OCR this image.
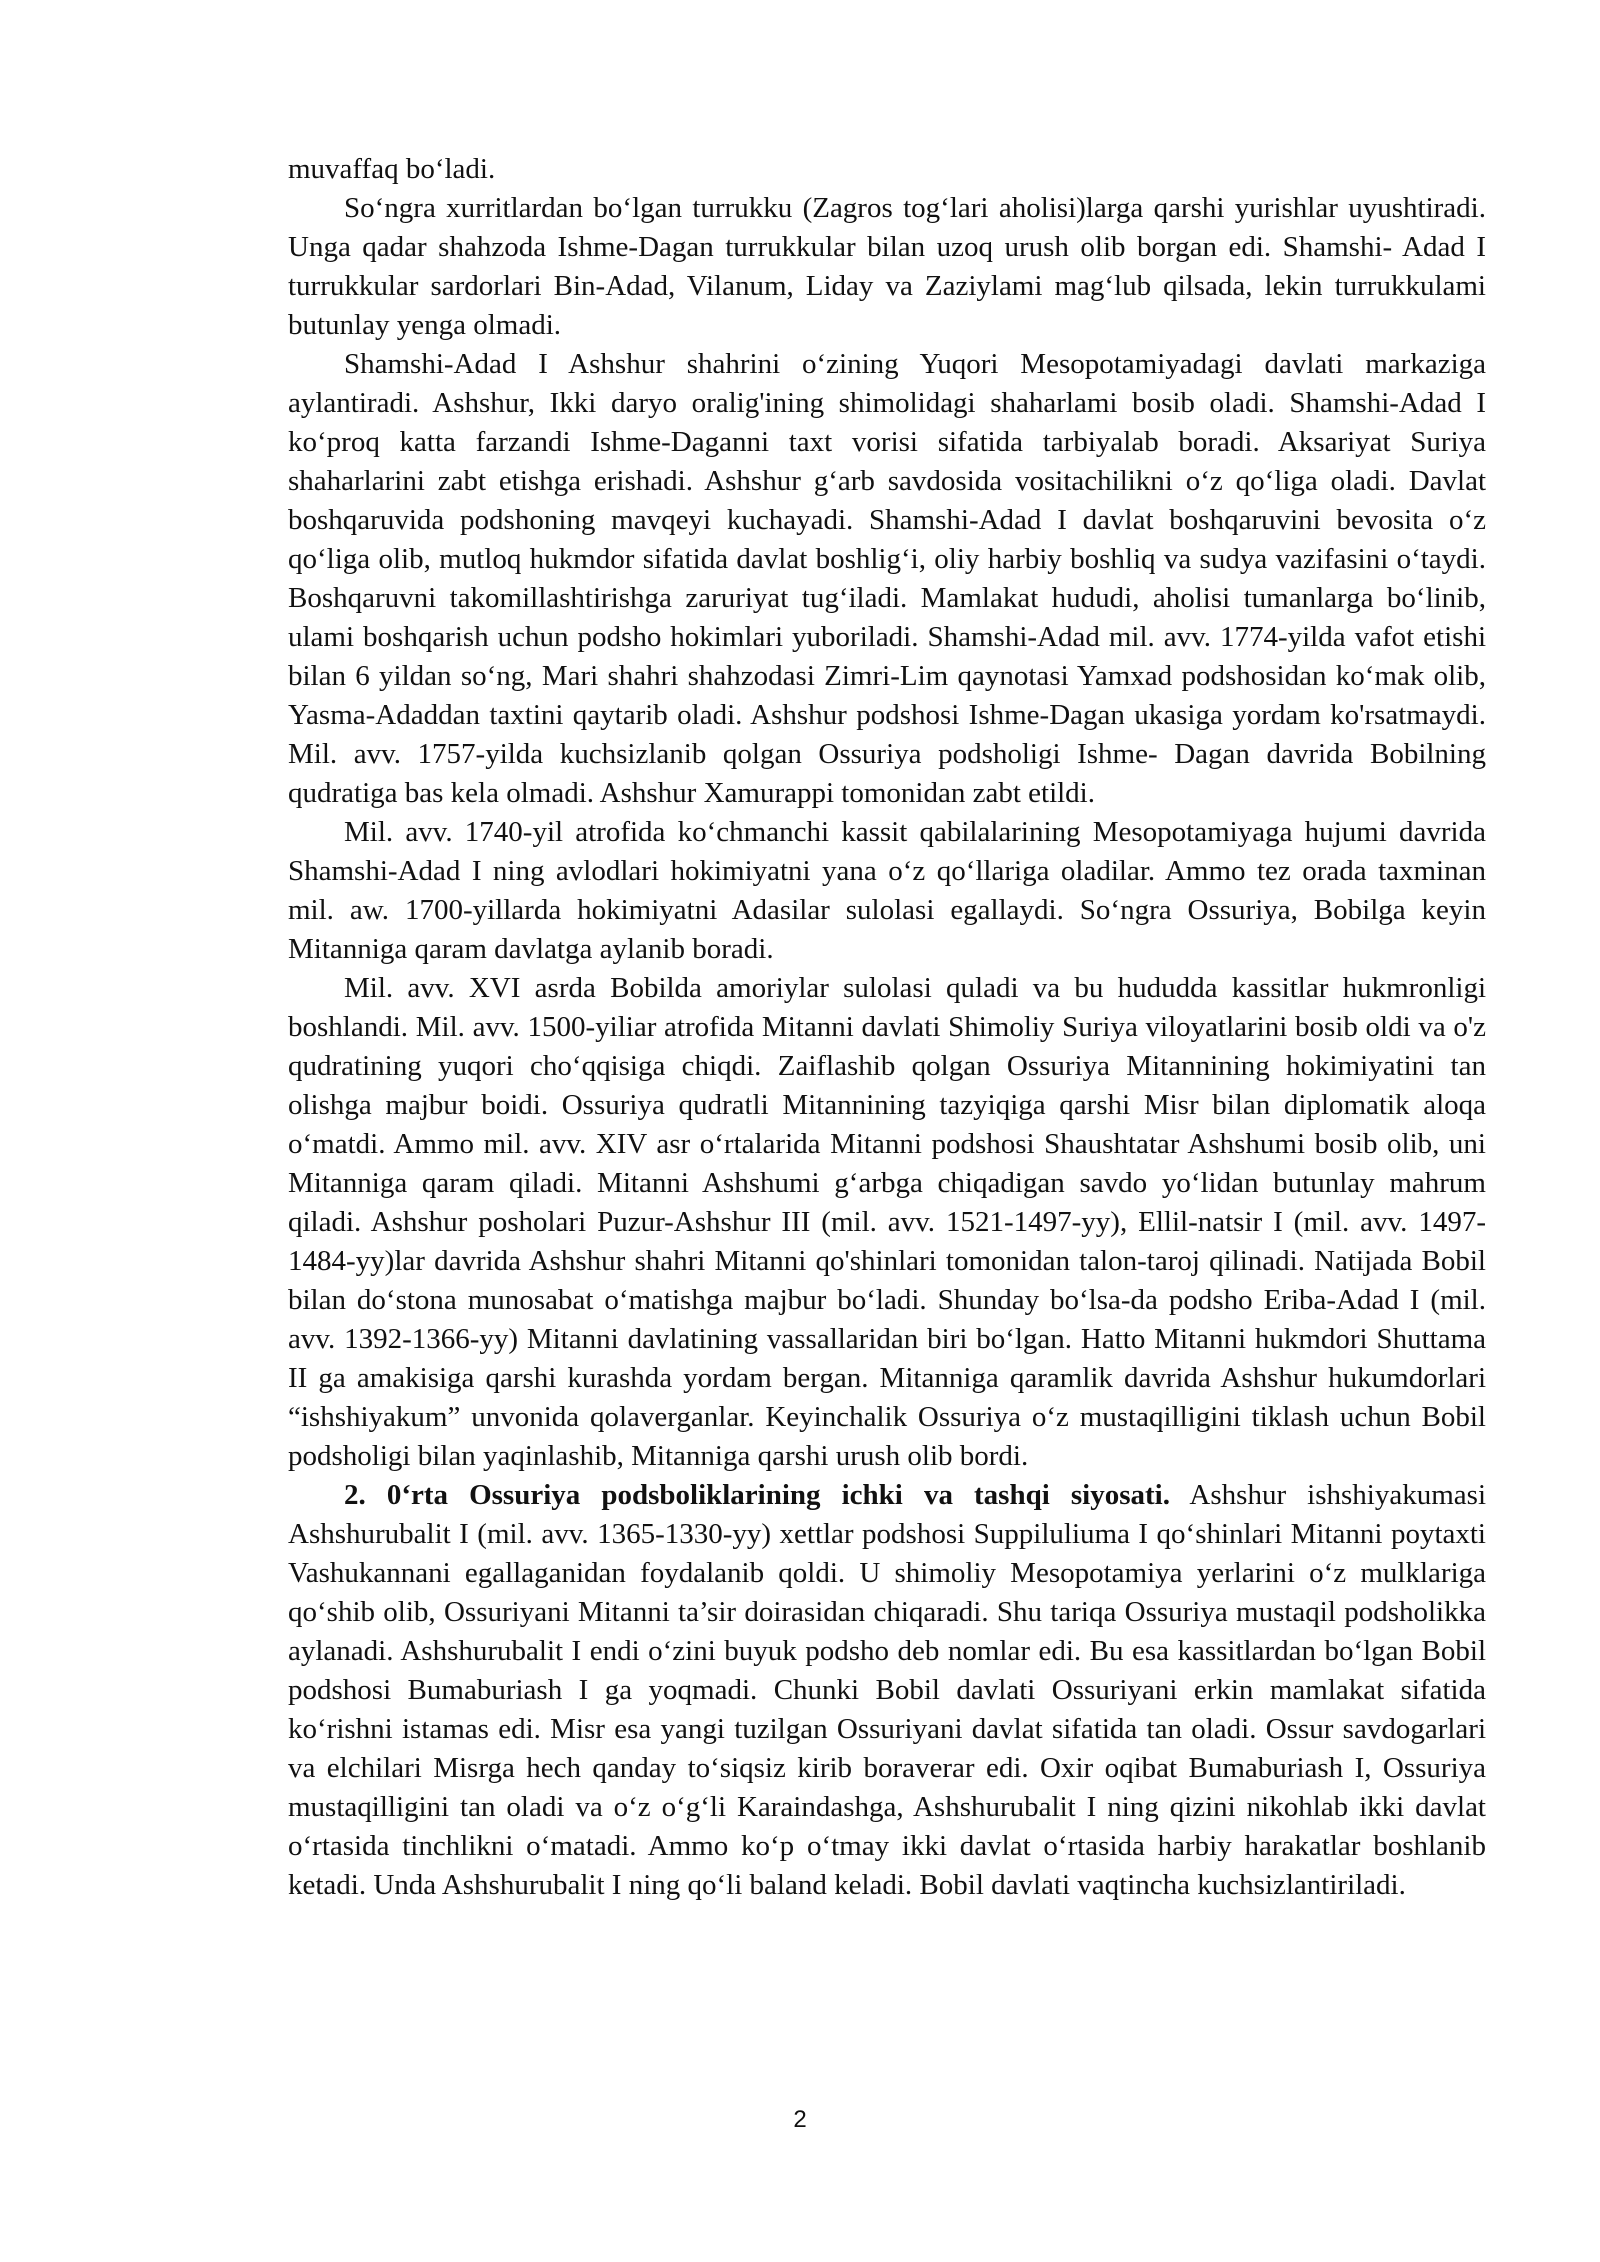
muvaffaq bo‘ladi.

So‘ngra xurritlardan bo‘lgan turrukku (Zagros tog‘lari aholisi)larga qarshi yurishlar uyushtiradi. Unga qadar shahzoda Ishme-Dagan turrukkular bilan uzoq urush olib borgan edi. Shamshi- Adad I turrukkular sardorlari Bin-Adad, Vilanum, Liday va Zaziylami mag‘lub qilsada, lekin turrukkulami butunlay yenga olmadi.

Shamshi-Adad I Ashshur shahrini o‘zining Yuqori Mesopotamiyadagi davlati markaziga aylantiradi. Ashshur, Ikki daryo oralig'ining shimolidagi shaharlami bosib oladi. Shamshi-Adad I ko‘proq katta farzandi Ishme-Daganni taxt vorisi sifatida tarbiyalab boradi. Aksariyat Suriya shaharlarini zabt etishga erishadi. Ashshur g‘arb savdosida vositachilikni o‘z qo‘liga oladi. Davlat boshqaruvida podshoning mavqeyi kuchayadi. Shamshi-Adad I davlat boshqaruvini bevosita o‘z qo‘liga olib, mutloq hukmdor sifatida davlat boshlig‘i, oliy harbiy boshliq va sudya vazifasini o‘taydi. Boshqaruvni takomillashtirishga zaruriyat tug‘iladi. Mamlakat hududi, aholisi tumanlarga bo‘linib, ulami boshqarish uchun podsho hokimlari yuboriladi. Shamshi-Adad mil. avv. 1774-yilda vafot etishi bilan 6 yildan so‘ng, Mari shahri shahzodasi Zimri-Lim qaynotasi Yamxad podshosidan ko‘mak olib, Yasma-Adaddan taxtini qaytarib oladi. Ashshur podshosi Ishme-Dagan ukasiga yordam ko'rsatmaydi. Mil. avv. 1757-yilda kuchsizlanib qolgan Ossuriya podsholigi Ishme- Dagan davrida Bobilning qudratiga bas kela olmadi. Ashshur Xamurappi tomonidan zabt etildi.

Mil. avv. 1740-yil atrofida ko‘chmanchi kassit qabilalarining Mesopotamiyaga hujumi davrida Shamshi-Adad I ning avlodlari hokimiyatni yana o‘z qo‘llariga oladilar. Ammo tez orada taxminan mil. aw. 1700-yillarda hokimiyatni Adasilar sulolasi egallaydi. So‘ngra Ossuriya, Bobilga keyin Mitanniga qaram davlatga aylanib boradi.

Mil. avv. XVI asrda Bobilda amoriylar sulolasi quladi va bu hududda kassitlar hukmronligi boshlandi. Mil. avv. 1500-yiliar atrofida Mitanni davlati Shimoliy Suriya viloyatlarini bosib oldi va o'z qudratining yuqori cho‘qqisiga chiqdi. Zaiflashib qolgan Ossuriya Mitannining hokimiyatini tan olishga majbur boidi. Ossuriya qudratli Mitannining tazyiqiga qarshi Misr bilan diplomatik aloqa o‘matdi. Ammo mil. avv. XIV asr o‘rtalarida Mitanni podshosi Shaushtatar Ashshumi bosib olib, uni Mitanniga qaram qiladi. Mitanni Ashshumi g‘arbga chiqadigan savdo yo‘lidan butunlay mahrum qiladi. Ashshur posholari Puzur-Ashshur III (mil. avv. 1521-1497-yy), Ellil-natsir I (mil. avv. 1497-1484-yy)lar davrida Ashshur shahri Mitanni qo'shinlari tomonidan talon-taroj qilinadi. Natijada Bobil bilan do‘stona munosabat o‘matishga majbur bo‘ladi. Shunday bo‘lsa-da podsho Eriba-Adad I (mil. avv. 1392-1366-yy) Mitanni davlatining vassallaridan biri bo‘lgan. Hatto Mitanni hukmdori Shuttama II ga amakisiga qarshi kurashda yordam bergan. Mitanniga qaramlik davrida Ashshur hukumdorlari “ishshiyakum” unvonida qolaverganlar. Keyinchalik Ossuriya o‘z mustaqilligini tiklash uchun Bobil podsholigi bilan yaqinlashib, Mitanniga qarshi urush olib bordi.

2. 0‘rta Ossuriya podsboliklarining ichki va tashqi siyosati. Ashshur ishshiyakumasi Ashshurubalit I (mil. avv. 1365-1330-yy) xettlar podshosi Suppiluliuma I qo‘shinlari Mitanni poytaxti Vashukannani egallaganidan foydalanib qoldi. U shimoliy Mesopotamiya yerlarini o‘z mulklariga qo‘shib olib, Ossuriyani Mitanni ta’sir doirasidan chiqaradi. Shu tariqa Ossuriya mustaqil podsholikka aylanadi. Ashshurubalit I endi o‘zini buyuk podsho deb nomlar edi. Bu esa kassitlardan bo‘lgan Bobil podshosi Bumaburiash I ga yoqmadi. Chunki Bobil davlati Ossuriyani erkin mamlakat sifatida ko‘rishni istamas edi. Misr esa yangi tuzilgan Ossuriyani davlat sifatida tan oladi. Ossur savdogarlari va elchilari Misrga hech qanday to‘siqsiz kirib boraverar edi. Oxir oqibat Bumaburiash I, Ossuriya mustaqilligini tan oladi va o‘z o‘g‘li Karaindashga, Ashshurubalit I ning qizini nikohlab ikki davlat o‘rtasida tinchlikni o‘matadi. Ammo ko‘p o‘tmay ikki davlat o‘rtasida harbiy harakatlar boshlanib ketadi. Unda Ashshurubalit I ning qo‘li baland keladi. Bobil davlati vaqtincha kuchsizlantiriladi.

2
